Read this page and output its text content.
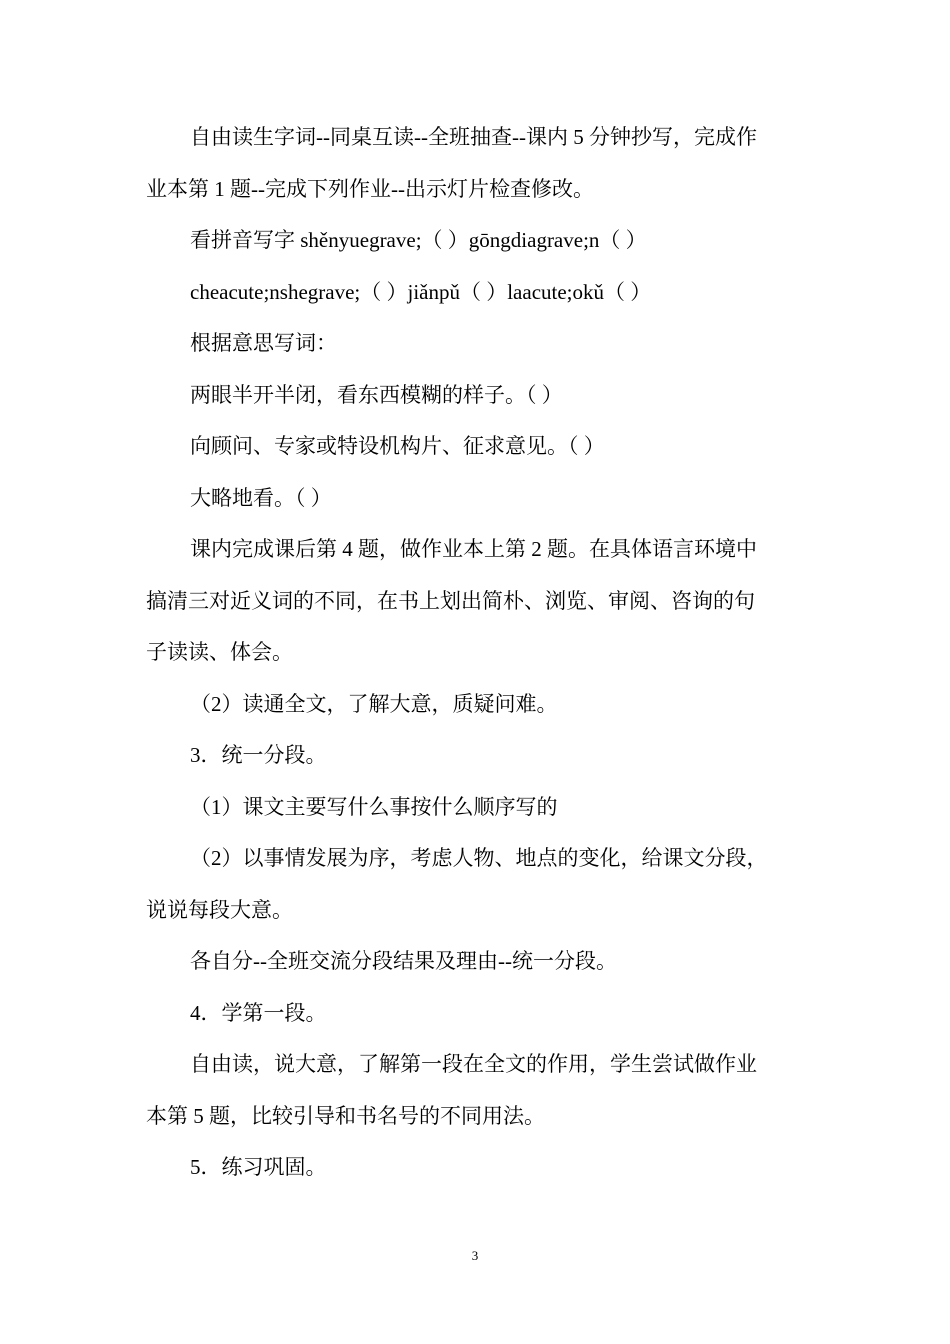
自由读生字词--同桌互读--全班抽查--课内 5 分钟抄写，完成作
业本第 1 题--完成下列作业--出示灯片检查修改。
看拼音写字 shěnyuegrave;（ ）gōngdiagrave;n（ ）
cheacute;nshegrave;（ ）jiǎnpǔ（ ）laacute;okǔ（ ）
根据意思写词：
两眼半开半闭，看东西模糊的样子。（ ）
向顾问、专家或特设机构片、征求意见。（ ）
大略地看。（ ）
课内完成课后第 4 题，做作业本上第 2 题。在具体语言环境中
搞清三对近义词的不同，在书上划出简朴、浏览、审阅、咨询的句
子读读、体会。
（2）读通全文，了解大意，质疑问难。
3．统一分段。
（1）课文主要写什么事按什么顺序写的
（2）以事情发展为序，考虑人物、地点的变化，给课文分段，
说说每段大意。
各自分--全班交流分段结果及理由--统一分段。
4．学第一段。
自由读，说大意，了解第一段在全文的作用，学生尝试做作业
本第 5 题，比较引导和书名号的不同用法。
5．练习巩固。
3
